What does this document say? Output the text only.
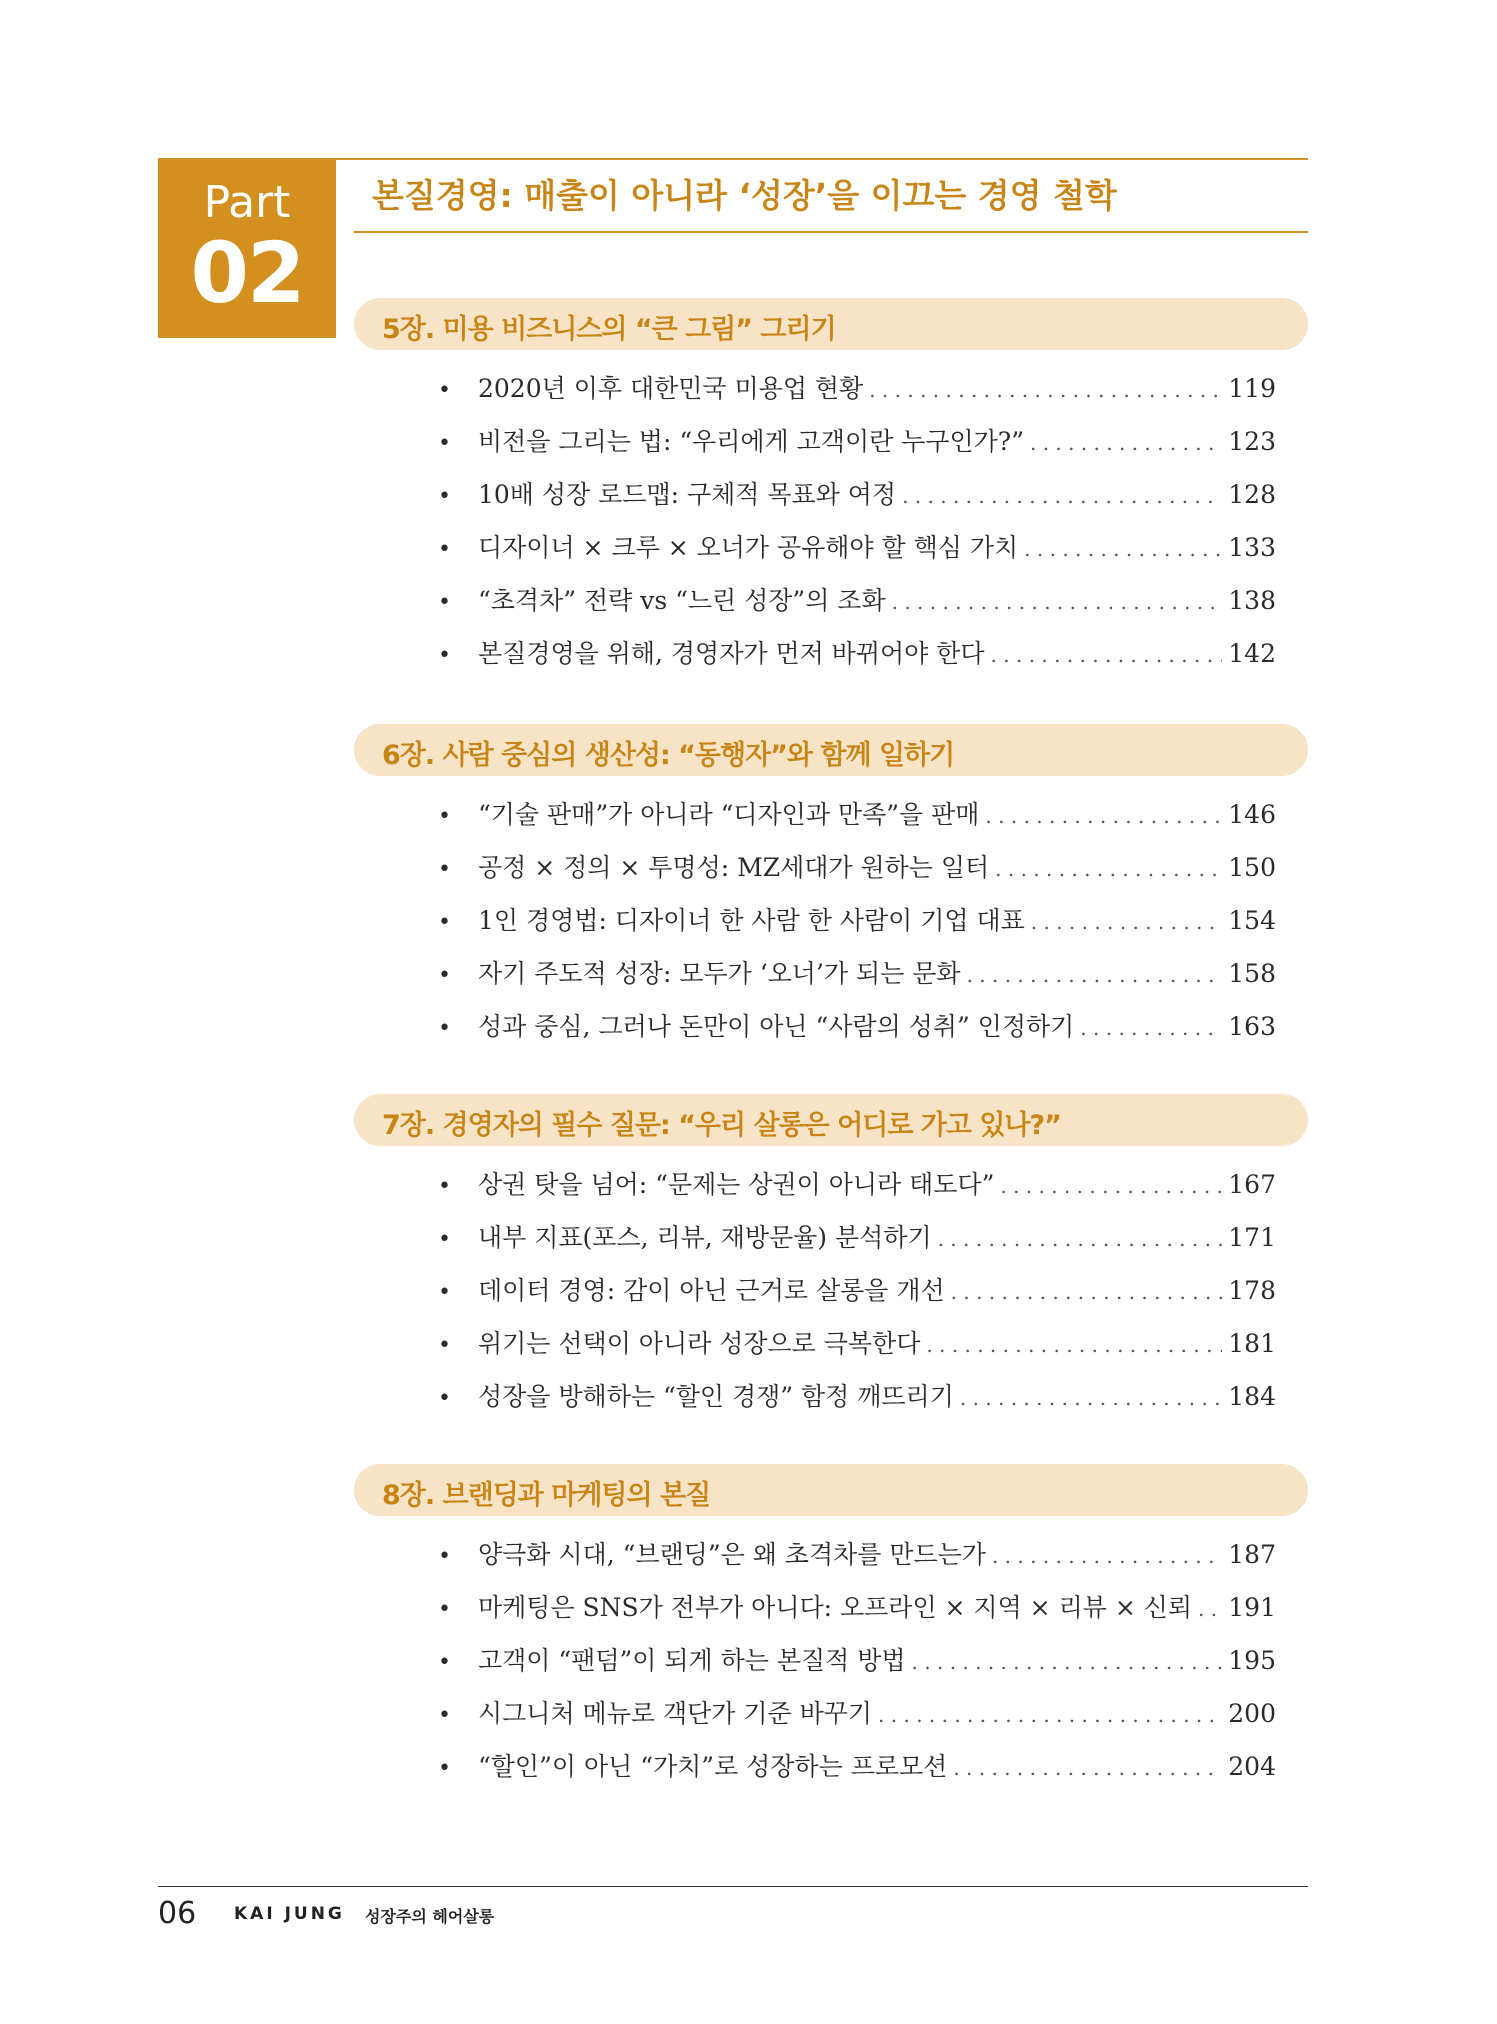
Part
02
본질경영: 매출이 아니라 ‘성장’을 이끄는 경영 철학
5장. 미용 비즈니스의 “큰 그림” 그리기
•	2020년 이후 대한민국 미용업 현황 . . .	119
•	비전을 그리는 법: “우리에게 고객이란 누구인가?” . . .	123
•	10배 성장 로드맵: 구체적 목표와 여정 . . .	128
•	디자이너 × 크루 × 오너가 공유해야 할 핵심 가치 . . .	133
•	“초격차” 전략 vs “느린 성장”의 조화 . . .	138
•	본질경영을 위해, 경영자가 먼저 바뀌어야 한다 . . .	142
6장. 사람 중심의 생산성: “동행자”와 함께 일하기
•	“기술 판매”가 아니라 “디자인과 만족”을 판매 . . .	146
•	공정 × 정의 × 투명성: MZ세대가 원하는 일터 . . .	150
•	1인 경영법: 디자이너 한 사람 한 사람이 기업 대표 . . .	154
•	자기 주도적 성장: 모두가 ‘오너’가 되는 문화 . . .	158
•	성과 중심, 그러나 돈만이 아닌 “사람의 성취” 인정하기 . . .	163
7장. 경영자의 필수 질문: “우리 살롱은 어디로 가고 있나?”
•	상권 탓을 넘어: “문제는 상권이 아니라 태도다” . . .	167
•	내부 지표(포스, 리뷰, 재방문율) 분석하기 . . .	171
•	데이터 경영: 감이 아닌 근거로 살롱을 개선 . . .	178
•	위기는 선택이 아니라 성장으로 극복한다 . . .	181
•	성장을 방해하는 “할인 경쟁” 함정 깨뜨리기 . . .	184
8장. 브랜딩과 마케팅의 본질
•	양극화 시대, “브랜딩”은 왜 초격차를 만드는가 . . .	187
•	마케팅은 SNS가 전부가 아니다: 오프라인 × 지역 × 리뷰 × 신뢰 . . . 191
•	고객이 “팬덤”이 되게 하는 본질적 방법 . . .	195
•	시그니처 메뉴로 객단가 기준 바꾸기 . . .	200
•	“할인”이 아닌 “가치”로 성장하는 프로모션 . . .	204
06 KAI JUNG 성장주의 헤어살롱
